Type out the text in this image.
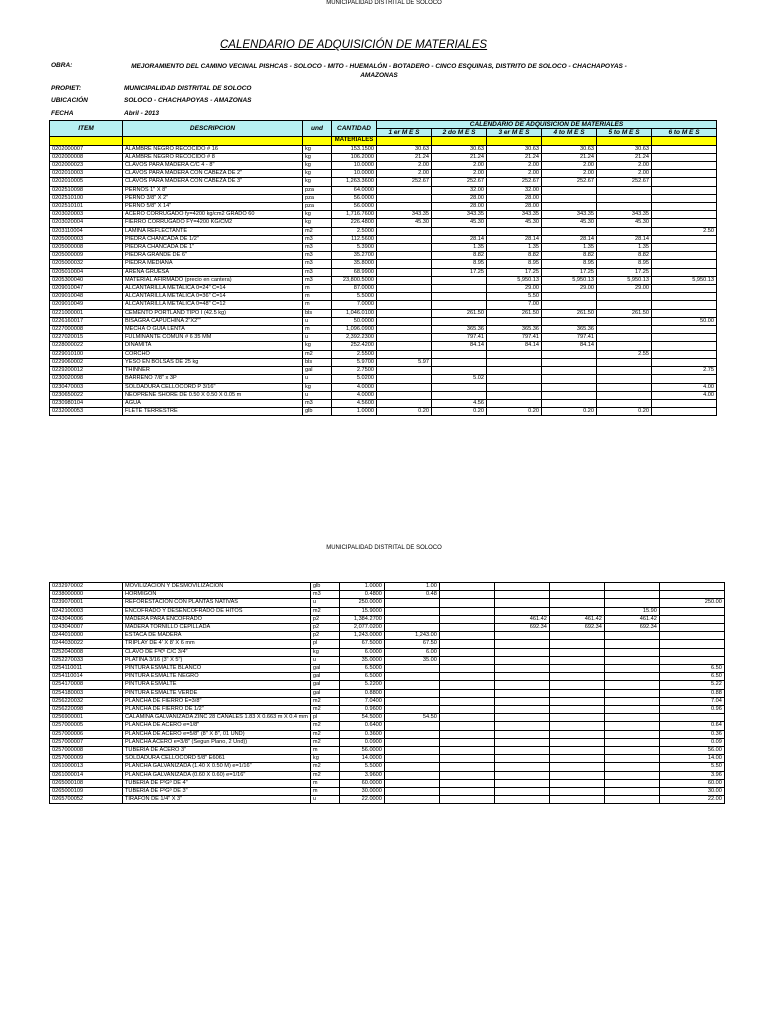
MUNICIPALIDAD DISTRITAL DE SOLOCO
CALENDARIO DE ADQUISICIÓN DE MATERIALES
OBRA:	MEJORAMIENTO DEL CAMINO VECINAL PISHCAS - SOLOCO - MITO - HUEMALÓN - BOTADERO - CINCO ESQUINAS, DISTRITO DE SOLOCO - CHACHAPOYAS - AMAZONAS
PROPIET:	MUNICIPALIDAD DISTRITAL DE SOLOCO
UBICACIÓN	SOLOCO - CHACHAPOYAS - AMAZONAS
FECHA	Abril - 2013
ITEM	DESCRIPCION	und	CANTIDAD	CALENDARIO DE ADQUISICIÓN DE MATERIALES					
				1 er M E S	2 do M E S	3 er M E S	4 to M E S	5 to M E S	6 to M E S
			MATERIALES						
0202000007	ALAMBRE NEGRO RECOCIDO # 16	kg	153.1500	30.63	30.63	30.63	30.63	30.63	
0202000008	ALAMBRE NEGRO RECOCIDO # 8	kg	106.2000	21.24	21.24	21.24	21.24	21.24	
0202000023	CLAVOS PARA MADERA C/C 4 - 8"	kg	10.0000	2.00	2.00	2.00	2.00	2.00	
0202010003	CLAVOS PARA MADERA CON CABEZA DE 2"	kg	10.0000	2.00	2.00	2.00	2.00	2.00	
0202010005	CLAVOS PARA MADERA CON CABEZA DE 3"	kg	1,263.3600	252.67	252.67	252.67	252.67	252.67	
0202510098	PERNOS 1" X 8"	pza	64.0000		32.00	32.00			
0202510100	PERNO 3/8" X 2"	pza	56.0000		28.00	28.00			
0202510101	PERNO 5/8" X 14"	pza	56.0000		28.00	28.00			
0203020003	ACERO CORRUGADO fy=4200 kg/cm2 GRADO 60	kg	1,716.7600	343.35	343.35	343.35	343.35	343.35	
0203020004	FIERRO CORRUGADO FY=4200 KG/CM2	kg	226.4800	45.30	45.30	45.30	45.30	45.30	
0203110004	LAMINA REFLECTANTE	m2	2.5000						2.50
0205000003	PIEDRA CHANCADA DE 1/2"	m3	112.5600		28.14	28.14	28.14	28.14	
0205000008	PIEDRA CHANCADA DE 1"	m3	5.3900		1.35	1.35	1.35	1.35	
0205000009	PIEDRA GRANDE DE 6"	m3	35.2700		8.82	8.82	8.82	8.82	
0205000032	PIEDRA MEDIANA	m3	35.8000		8.95	8.95	8.95	8.95	
0205010004	ARENA GRUESA	m3	68.9900		17.25	17.25	17.25	17.25	
0205300040	MATERIAL AFIRMADO (precio en cantera)	m3	23,800.5000			5,950.13	5,950.13	5,950.13	5,950.13
0209010047	ALCANTARILLA METALICA 0=24" C=14	m	87.0000			29.00	29.00	29.00	
0209010048	ALCANTARILLA METALICA 0=36" C=14	m	5.5000			5.50			
0209010049	ALCANTARILLA METALICA 0=48" C=12	m	7.0000			7.00			
0221000001	CEMENTO PORTLAND TIPO I (42.5 kg)	bls	1,046.0100		261.50	261.50	261.50	261.50	
0226160017	BISAGRA CAPUCHINA 2"X2""	u	50.0000						50.00
0227000008	MECHA O GUIA LENTA	m	1,096.0900		365.36	365.36	365.36		
0227020015	FULMINANTE COMUN # 6 35 MM	u	2,392.2300		797.41	797.41	797.41		
0228000022	DINAMITA	kg	252.4200		84.14	84.14	84.14		
0229010100	CORCHO	m2	2.5500					2.55	
0229060002	YESO EN BOLSAS DE 25 kg	bls	5.9700	5.97					
0229200012	THINNER	gal	2.7500						2.75
0230020098	BARRENO 7/8" x 3P	u	5.0200		5.02				
0230470003	SOLDADURA CELLOCORD P 3/16"	kg	4.0000						4.00
0230650022	NEOPRENE SHORE DE 0.50 X 0.50 X 0.05 m	u	4.0000						4.00
0230980104	AGUA	m3	4.5600		4.56				
0232000053	FLETE TERRESTRE	glb	1.0000	0.20	0.20	0.20	0.20	0.20	
MUNICIPALIDAD DISTRITAL DE SOLOCO
0232970002	MOVILIZACION Y DESMOVILIZACION	glb	1.0000	1.00					
0238000000	HORMIGON	m3	0.4800	0.48					
0239070001	REFORESTACION CON PLANTAS NATIVAS	u	250.0000						250.00
0242100003	ENCOFRADO Y DESENCOFRADO DE HITOS	m2	15.9000					15.90	
0243040006	MADERA PARA ENCOFRADO	p2	1,384.2700			461.42	461.42	461.42	
0243040007	MADERA TORNILLO CEPILLADA	p2	2,077.0200			692.34	692.34	692.34	
0244010000	ESTACA DE MADERA	p2	1,243.0000	1,243.00					
0244030022	TRIPLAY DE 4' X 8' X 6 mm	pl	67.5000	67.50					
0252040008	CLAVO DE Fº€º C/C 3/4"	kg	6.0000	6.00					
0252270033	PLATINA 3/16 (3" X 5")	u	35.0000	35.00					
0254110011	PINTURA ESMALTE BLANCO	gal	6.5000						6.50
0254110014	PINTURA ESMALTE NEGRO	gal	6.5000						6.50
0254170008	PINTURA ESMALTE	gal	5.2200						5.22
0254180003	PINTURA ESMALTE VERDE	gal	0.8800						0.88
0256220032	PLANCHA DE FIERRO E=3/8"	m2	7.0400						7.04
0256220098	PLANCHA DE FIERRO DE 1/2"	m2	0.9600						0.96
0256900001	CALAMINA GALVANIZADA ZINC 28 CANALES 1.83 X 0.663 m X 0.4 mm	pl	54.5000	54.50					
0257000005	PLANCHA DE ACERO e=1/8"	m2	0.6400						0.64
0257000006	PLANCHA DE ACERO e=5/8" (8" X 8", 01 UND)	m2	0.3600						0.36
0257000007	PLANCHA ACERO e=3/8" (Segun Plano, 2 Und))	m2	0.0900						0.09
0257000008	TUBERIA DE ACERO 3"	m	56.0000						56.00
0257000009	SOLDADURA CELLOCORD 5/8" E6061	kg	14.0000						14.00
0261000013	PLANCHA GALVANIZADA (1.40 X 0.50 M) e=1/16"	m2	5.5000						5.50
0261000014	PLANCHA GALVANIZADA (0.60 X 0.60) e=1/16"	m2	3.9600						3.96
0265000108	TUBERIA DE FºGº DE 4"	m	60.0000						60.00
0265000109	TUBERIA DE FºGº DE 3"	m	30.0000						30.00
0265700052	TIRAFON DE 1/4" X 3"	u	22.0000						22.00
